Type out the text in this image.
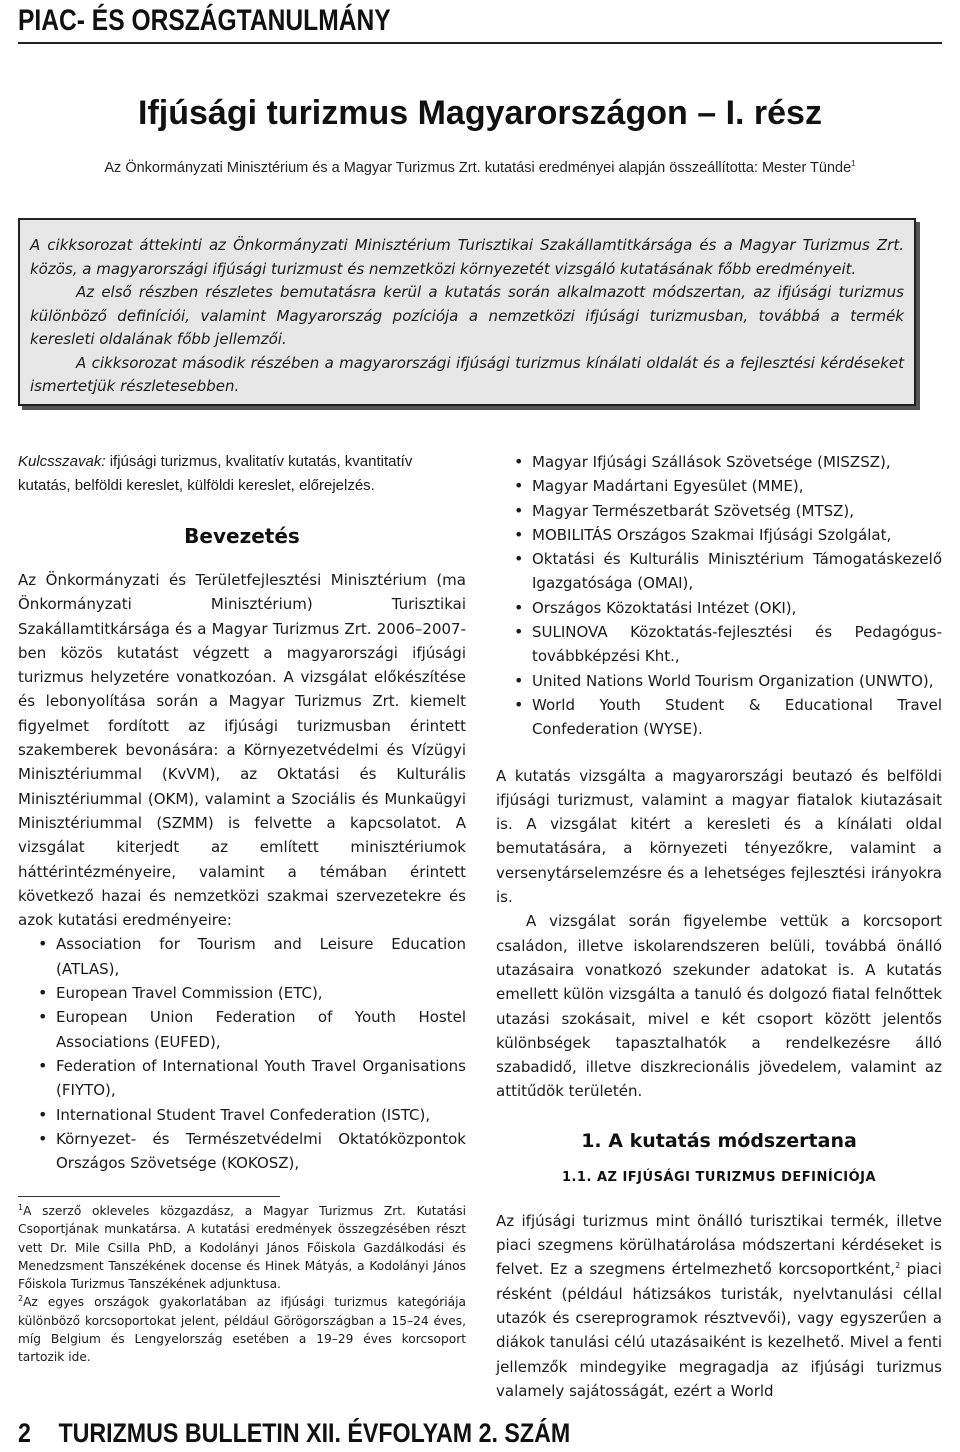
PIAC- ÉS ORSZÁGTANULMÁNY
Ifjúsági turizmus Magyarországon – I. rész
Az Önkormányzati Minisztérium és a Magyar Turizmus Zrt. kutatási eredményei alapján összeállította: Mester Tünde$^1$

A cikksorozat áttekinti az Önkormányzati Minisztérium Turisztikai Szakállamtitkársága és a Magyar Turizmus Zrt. közös, a magyarországi ifjúsági turizmust és nemzetközi környezetét vizsgáló kutatásának főbb eredményeit.

Az első részben részletes bemutatásra kerül a kutatás során alkalmazott módszertan, az ifjúsági turizmus különböző definíciói, valamint Magyarország pozíciója a nemzetközi ifjúsági turizmusban, továbbá a termék keresleti oldalának főbb jellemzői.

A cikksorozat második részében a magyarországi ifjúsági turizmus kínálati oldalát és a fejlesztési kérdéseket ismertetjük részletesebben.

Kulcsszavak: ifjúsági turizmus, kvalitatív kutatás, kvantitatív kutatás, belföldi kereslet, külföldi kereslet, előrejelzés.

Bevezetés

Az Önkormányzati és Területfejlesztési Minisztérium (ma Önkormányzati Minisztérium) Turisztikai Szakállamtitkársága és a Magyar Turizmus Zrt. 2006–2007-ben közös kutatást végzett a magyarországi ifjúsági turizmus helyzetére vonatkozóan. A vizsgálat előkészítése és lebonyolítása során a Magyar Turizmus Zrt. kiemelt figyelmet fordított az ifjúsági turizmusban érintett szakemberek bevonására: a Környezetvédelmi és Vízügyi Minisztériummal (KvVM), az Oktatási és Kulturális Minisztériummal (OKM), valamint a Szociális és Munkaügyi Minisztériummal (SZMM) is felvette a kapcsolatot. A vizsgálat kiterjedt az említett minisztériumok háttérintézményeire, valamint a témában érintett következő hazai és nemzetközi szakmai szervezetekre és azok kutatási eredményeire:

• Association for Tourism and Leisure Education (ATLAS),
• European Travel Commission (ETC),
• European Union Federation of Youth Hostel Associations (EUFED),
• Federation of International Youth Travel Organisations (FIYTO),
• International Student Travel Confederation (ISTC),
• Környezet- és Természetvédelmi Oktatóközpontok Országos Szövetsége (KOKOSZ),
• Magyar Ifjúsági Szállások Szövetsége (MISZSZ),
• Magyar Madártani Egyesület (MME),
• Magyar Természetbarát Szövetség (MTSZ),
• MOBILITÁS Országos Szakmai Ifjúsági Szolgálat,
• Oktatási és Kulturális Minisztérium Támogatáskezelő Igazgatósága (OMAI),
• Országos Közoktatási Intézet (OKI),
• SULINOVA Közoktatás-fejlesztési és Pedagógus-továbbképzési Kht.,
• United Nations World Tourism Organization (UNWTO),
• World Youth Student & Educational Travel Confederation (WYSE).

A kutatás vizsgálta a magyarországi beutazó és belföldi ifjúsági turizmust, valamint a magyar fiatalok kiutazásait is. A vizsgálat kitért a keresleti és a kínálati oldal bemutatására, a környezeti tényezőkre, valamint a versenytárselemzésre és a lehetséges fejlesztési irányokra is.

A vizsgálat során figyelembe vettük a korcsoport családon, illetve iskolarendszeren belüli, továbbá önálló utazásaira vonatkozó szekunder adatokat is. A kutatás emellett külön vizsgálta a tanuló és dolgozó fiatal felnőttek utazási szokásait, mivel e két csoport között jelentős különbségek tapasztalhatók a rendelkezésre álló szabadidő, illetve diszkrecionális jövedelem, valamint az attitűdök területén.

1. A kutatás módszertana
1.1. AZ IFJÚSÁGI TURIZMUS DEFINÍCIÓJA

Az ifjúsági turizmus mint önálló turisztikai termék, illetve piaci szegmens körülhatárolása módszertani kérdéseket is felvet. Ez a szegmens értelmezhető korcsoportként,$^2$ piaci résként (például hátizsákos turisták, nyelvtanulási céllal utazók és csereprogramok résztvevői), vagy egyszerűen a diákok tanulási célú utazásaiként is kezelhető. Mivel a fenti jellemzők mindegyike megragadja az ifjúsági turizmus valamely sajátosságát, ezért a World

$^1$A szerző okleveles közgazdász, a Magyar Turizmus Zrt. Kutatási Csoportjának munkatársa. A kutatási eredmények összegzésében részt vett Dr. Mile Csilla PhD, a Kodolányi János Főiskola Gazdálkodási és Menedzsment Tanszékének docense és Hinek Mátyás, a Kodolányi János Főiskola Turizmus Tanszékének adjunktusa.

$^2$Az egyes országok gyakorlatában az ifjúsági turizmus kategóriája különböző korcsoportokat jelent, például Görögországban a 15–24 éves, míg Belgium és Lengyelország esetében a 19–29 éves korcsoport tartozik ide.

2 TURIZMUS BULLETIN XII. ÉVFOLYAM 2. SZÁM
